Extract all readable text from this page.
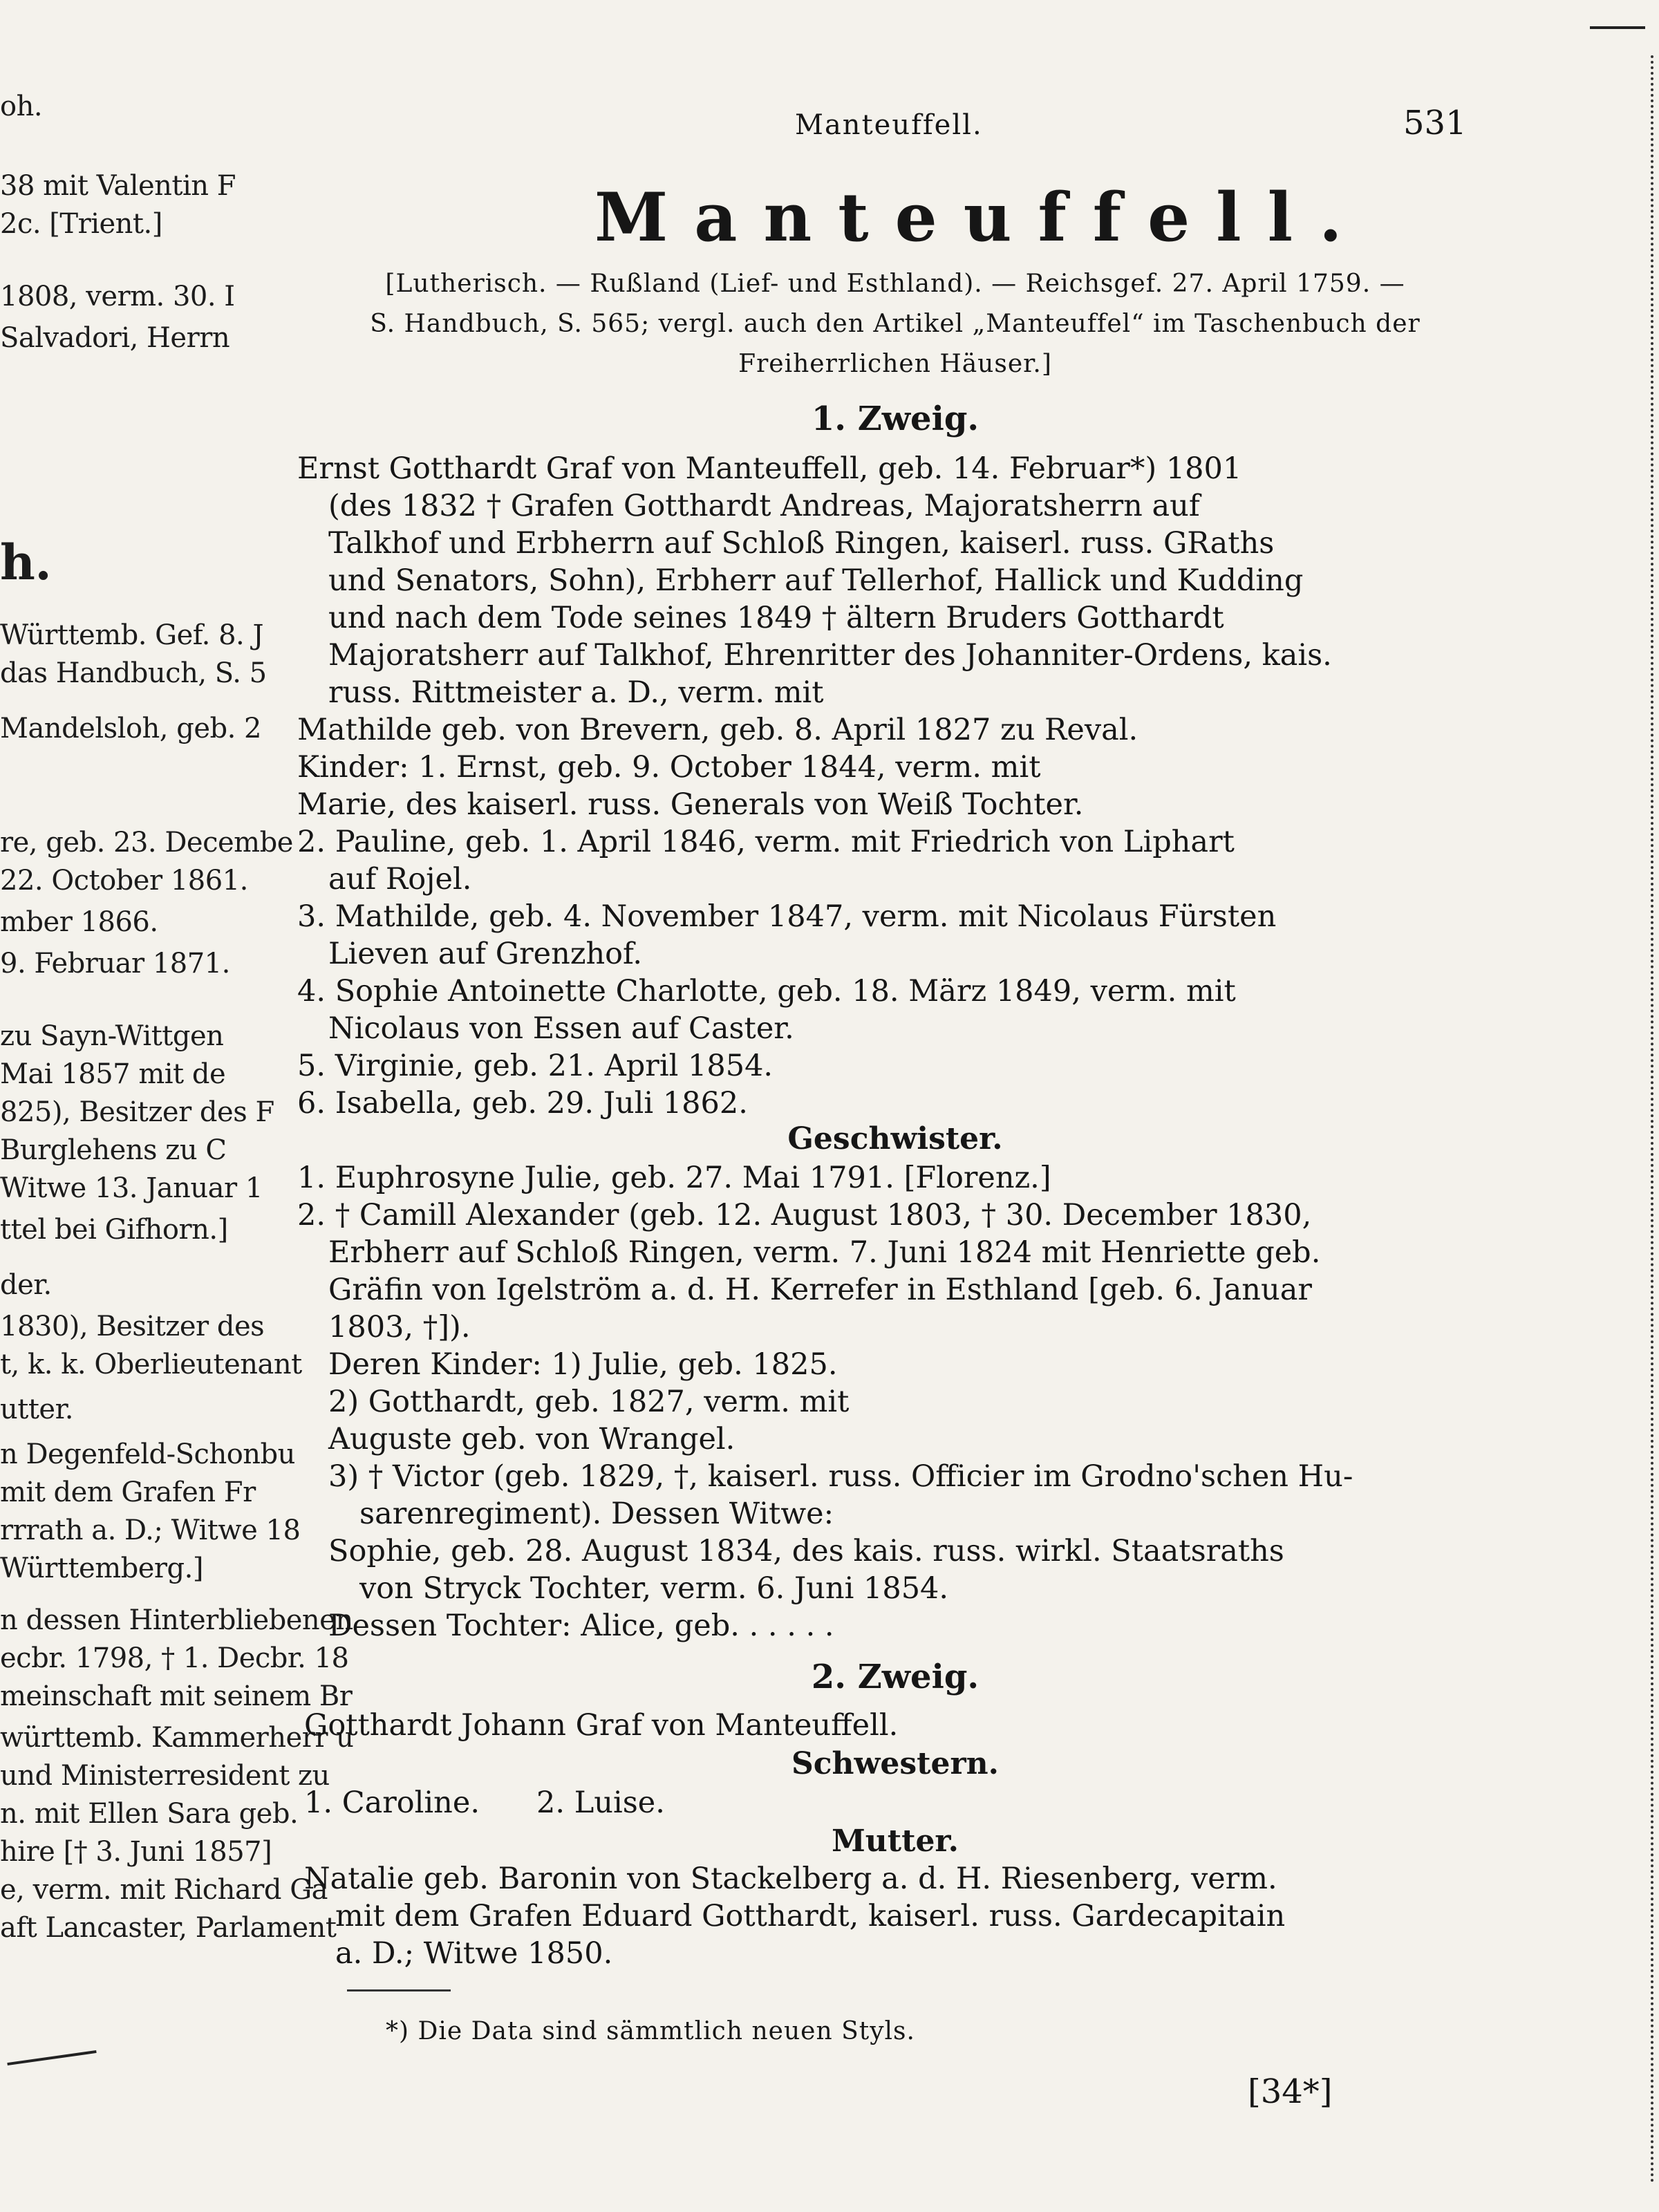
oh.
38 mit Valentin F
2c. [Trient.]
1808, verm. 30. I
Salvadori, Herrn
h.
Württemb. Gef. 8. J
das Handbuch, S. 5
Mandelsloh, geb. 2
re, geb. 23. Decembe
22. October 1861.
mber 1866.
9. Februar 1871.
zu Sayn-Wittgen
Mai 1857 mit de
825), Besitzer des F
Burglehens zu C
Witwe 13. Januar 1
ttel bei Gifhorn.]
der.
1830), Besitzer des
t, k. k. Oberlieutenant
utter.
n Degenfeld-Schonbu
mit dem Grafen Fr
rrrath a. D.; Witwe 18
Württemberg.]
n dessen Hinterbliebenen
ecbr. 1798, † 1. Decbr. 18
meinschaft mit seinem Br
württemb. Kammerherr u
und Ministerresident zu
n. mit Ellen Sara geb.
hire [† 3. Juni 1857]
e, verm. mit Richard Ga
aft Lancaster, Parlament
Manteuffell.	531
Manteuffell.
[Lutherisch. — Rußland (Lief- und Esthland). — Reichsgef. 27. April 1759. —
S. Handbuch, S. 565; vergl. auch den Artikel „Manteuffel“ im Taschenbuch der
Freiherrlichen Häuser.]
1. Zweig.
Ernst Gotthardt Graf von Manteuffell, geb. 14. Februar*) 1801
(des 1832 † Grafen Gotthardt Andreas, Majoratsherrn auf
Talkhof und Erbherrn auf Schloß Ringen, kaiserl. russ. GRaths
und Senators, Sohn), Erbherr auf Tellerhof, Hallick und Kudding
und nach dem Tode seines 1849 † ältern Bruders Gotthardt
Majoratsherr auf Talkhof, Ehrenritter des Johanniter-Ordens, kais.
russ. Rittmeister a. D., verm. mit
Mathilde geb. von Brevern, geb. 8. April 1827 zu Reval.
Kinder: 1. Ernst, geb. 9. October 1844, verm. mit
Marie, des kaiserl. russ. Generals von Weiß Tochter.
2. Pauline, geb. 1. April 1846, verm. mit Friedrich von Liphart
auf Rojel.
3. Mathilde, geb. 4. November 1847, verm. mit Nicolaus Fürsten
Lieven auf Grenzhof.
4. Sophie Antoinette Charlotte, geb. 18. März 1849, verm. mit
Nicolaus von Essen auf Caster.
5. Virginie, geb. 21. April 1854.
6. Isabella, geb. 29. Juli 1862.
Geschwister.
1. Euphrosyne Julie, geb. 27. Mai 1791. [Florenz.]
2. † Camill Alexander (geb. 12. August 1803, † 30. December 1830,
Erbherr auf Schloß Ringen, verm. 7. Juni 1824 mit Henriette geb.
Gräfin von Igelström a. d. H. Kerrefer in Esthland [geb. 6. Januar
1803, †]).
Deren Kinder: 1) Julie, geb. 1825.
2) Gotthardt, geb. 1827, verm. mit
Auguste geb. von Wrangel.
3) † Victor (geb. 1829, †, kaiserl. russ. Officier im Grodno'schen Hu-
sarenregiment). Dessen Witwe:
Sophie, geb. 28. August 1834, des kais. russ. wirkl. Staatsraths
von Stryck Tochter, verm. 6. Juni 1854.
Dessen Tochter: Alice, geb. . . . . .
2. Zweig.
Gotthardt Johann Graf von Manteuffell.
Schwestern.
1. Caroline.      2. Luise.
Mutter.
Natalie geb. Baronin von Stackelberg a. d. H. Riesenberg, verm.
mit dem Grafen Eduard Gotthardt, kaiserl. russ. Gardecapitain
a. D.; Witwe 1850.
*) Die Data sind sämmtlich neuen Styls.
[34*]
